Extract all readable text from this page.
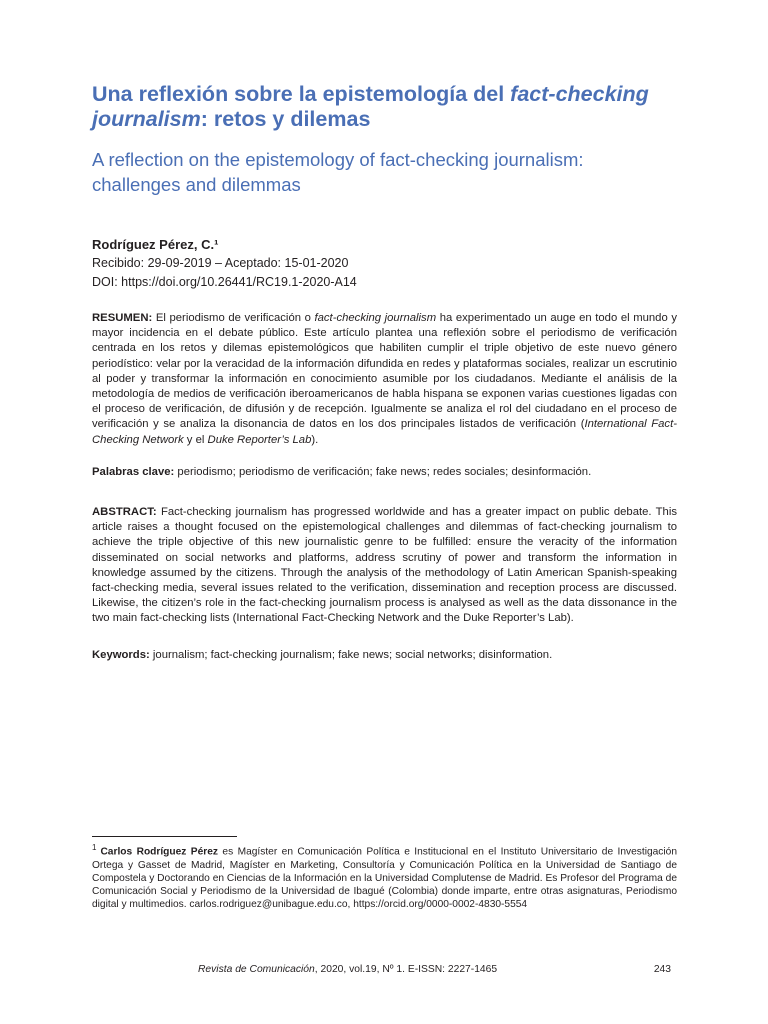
Una reflexión sobre la epistemología del fact-checking journalism: retos y dilemas
A reflection on the epistemology of fact-checking journalism: challenges and dilemmas

Rodríguez Pérez, C.¹

Recibido: 29-09-2019 – Aceptado: 15-01-2020

DOI: https://doi.org/10.26441/RC19.1-2020-A14

RESUMEN: El periodismo de verificación o fact-checking journalism ha experimentado un auge en todo el mundo y mayor incidencia en el debate público. Este artículo plantea una reflexión sobre el periodismo de verificación centrada en los retos y dilemas epistemológicos que habiliten cumplir el triple objetivo de este nuevo género periodístico: velar por la veracidad de la información difundida en redes y plataformas sociales, realizar un escrutinio al poder y transformar la información en conocimiento asumible por los ciudadanos. Mediante el análisis de la metodología de medios de verificación iberoamericanos de habla hispana se exponen varias cuestiones ligadas con el proceso de verificación, de difusión y de recepción. Igualmente se analiza el rol del ciudadano en el proceso de verificación y se analiza la disonancia de datos en los dos principales listados de verificación (International Fact-Checking Network y el Duke Reporter’s Lab).

Palabras clave: periodismo; periodismo de verificación; fake news; redes sociales; desinformación.

ABSTRACT: Fact-checking journalism has progressed worldwide and has a greater impact on public debate. This article raises a thought focused on the epistemological challenges and dilemmas of fact-checking journalism to achieve the triple objective of this new journalistic genre to be fulfilled: ensure the veracity of the information disseminated on social networks and platforms, address scrutiny of power and transform the information in knowledge assumed by the citizens. Through the analysis of the methodology of Latin American Spanish-speaking fact-checking media, several issues related to the verification, dissemination and reception process are discussed. Likewise, the citizen’s role in the fact-checking journalism process is analysed as well as the data dissonance in the two main fact-checking lists (International Fact-Checking Network and the Duke Reporter’s Lab).

Keywords: journalism; fact-checking journalism; fake news; social networks; disinformation.

$^1$ Carlos Rodríguez Pérez es Magíster en Comunicación Política e Institucional en el Instituto Universitario de Investigación Ortega y Gasset de Madrid, Magíster en Marketing, Consultoría y Comunicación Política en la Universidad de Santiago de Compostela y Doctorando en Ciencias de la Información en la Universidad Complutense de Madrid. Es Profesor del Programa de Comunicación Social y Periodismo de la Universidad de Ibagué (Colombia) donde imparte, entre otras asignaturas, Periodismo digital y multimedios. carlos.rodriguez@unibague.edu.co, https://orcid.org/0000-0002-4830-5554

Revista de Comunicación, 2020, vol.19, Nº 1. E-ISSN: 2227-1465	243
